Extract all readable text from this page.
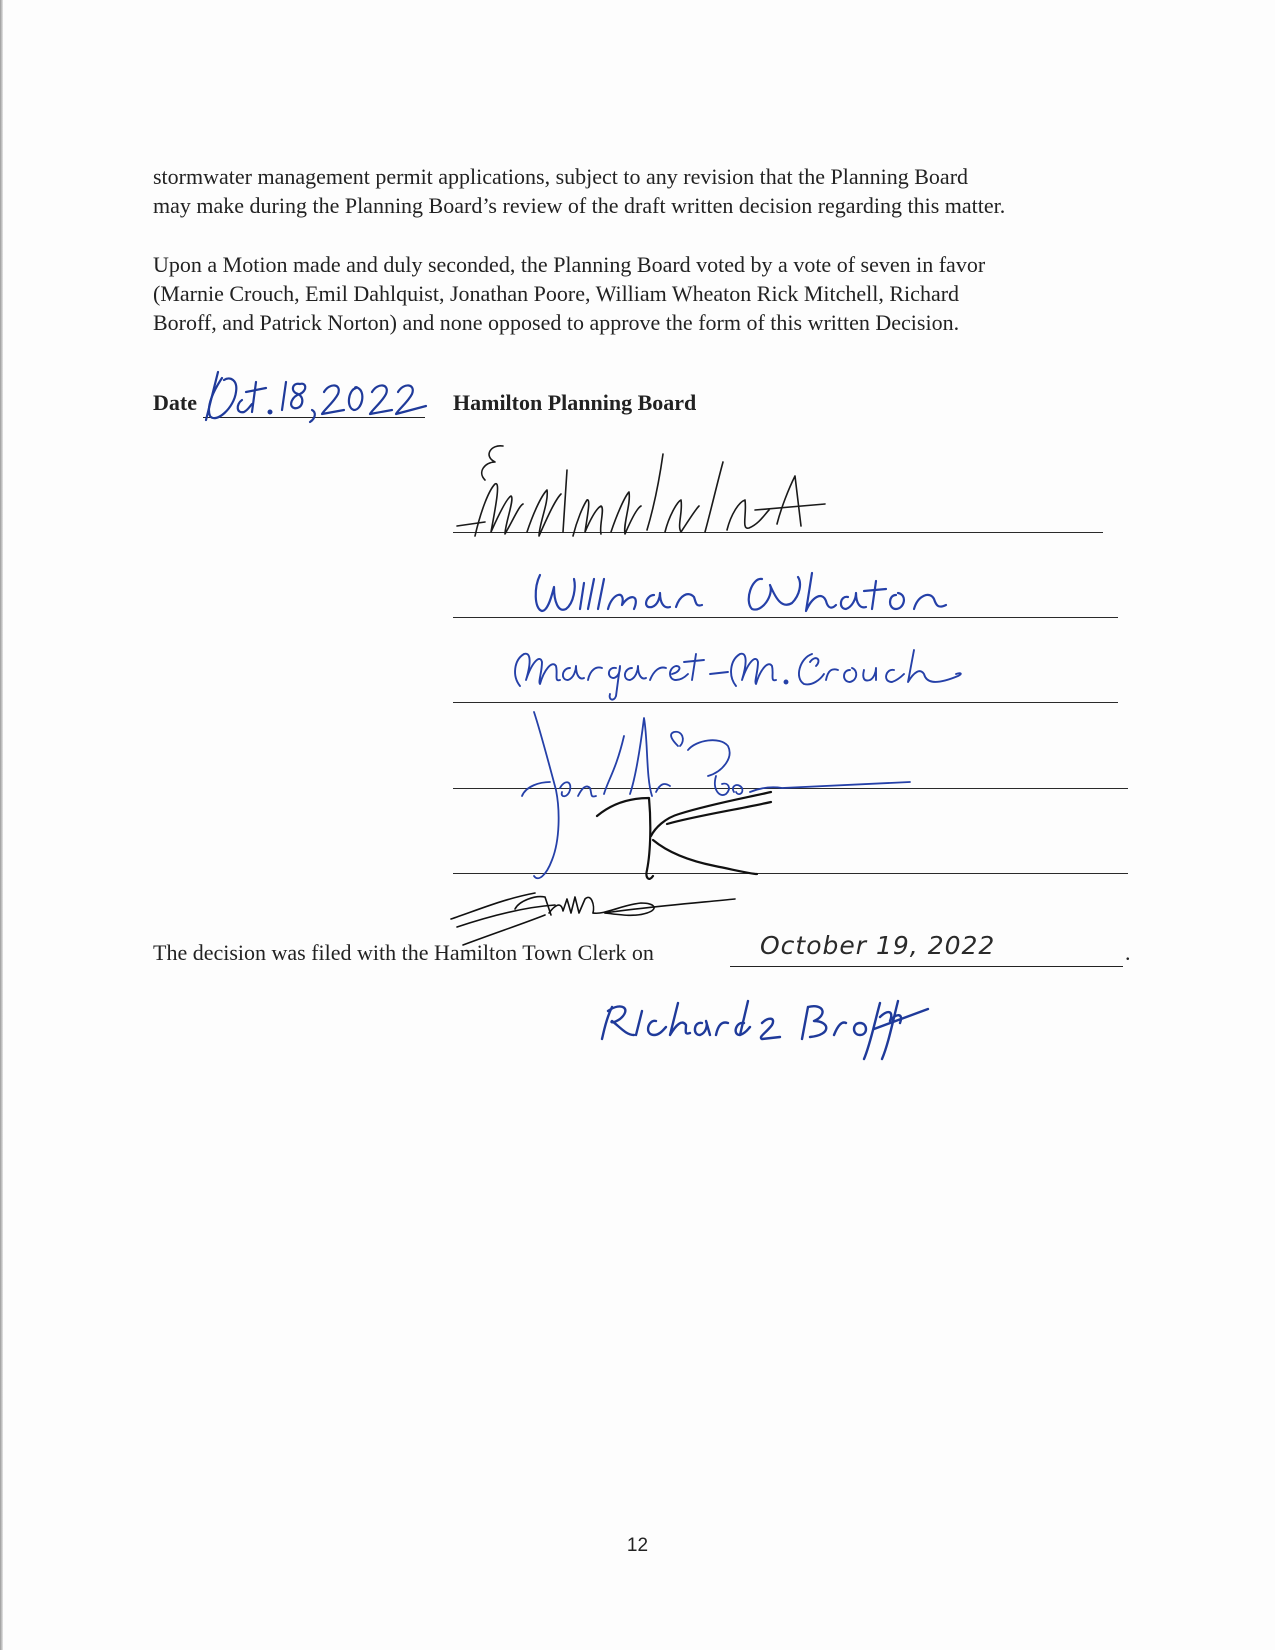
stormwater management permit applications, subject to any revision that the Planning Board
may make during the Planning Board’s review of the draft written decision regarding this matter.

Upon a Motion made and duly seconded, the Planning Board voted by a vote of seven in favor
(Marnie Crouch, Emil Dahlquist, Jonathan Poore, William Wheaton Rick Mitchell, Richard
Boroff, and Patrick Norton) and none opposed to approve the form of this written Decision.

Date	Hamilton Planning Board
The decision was filed with the Hamilton Town Clerk on	.
October 19, 2022
12
